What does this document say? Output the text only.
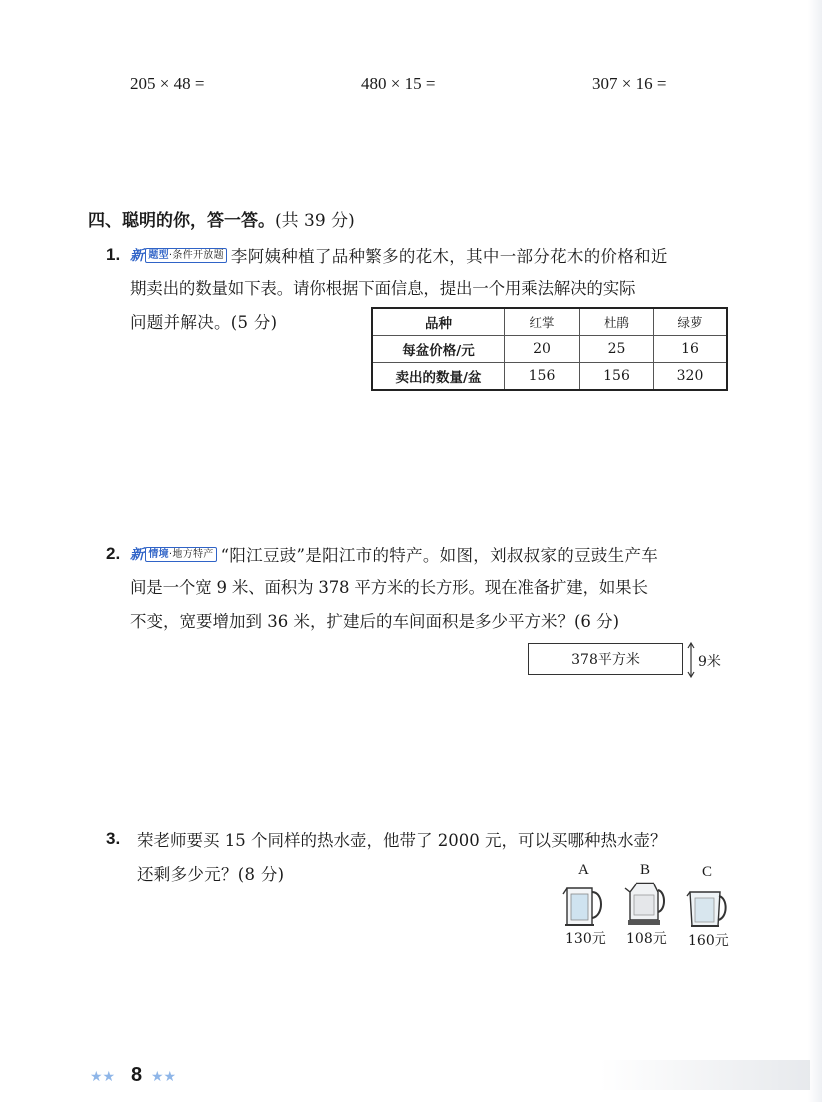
205 × 48 =	480 × 15 =	307 × 16 =
四、聪明的你，答一答。(共 39 分)
1. 新 题型·条件开放题 李阿姨种植了品种繁多的花木，其中一部分花木的价格和近
期卖出的数量如下表。请你根据下面信息，提出一个用乘法解决的实际
问题并解决。(5 分)	品种	红掌	杜鹃	绿萝
每盆价格/元	20	25	16
卖出的数量/盆	156	156	320
2. 新 情境·地方特产 “阳江豆豉”是阳江市的特产。如图，刘叔叔家的豆豉生产车
间是一个宽 9 米、面积为 378 平方米的长方形。现在准备扩建，如果长
不变，宽要增加到 36 米，扩建后的车间面积是多少平方米？(6 分)
378平方米	9米
3. 荣老师要买 15 个同样的热水壶，他带了 2000 元，可以买哪种热水壶？
还剩多少元？(8 分)	A
130元
B
108元
C
160元
★★ 8 ★★
